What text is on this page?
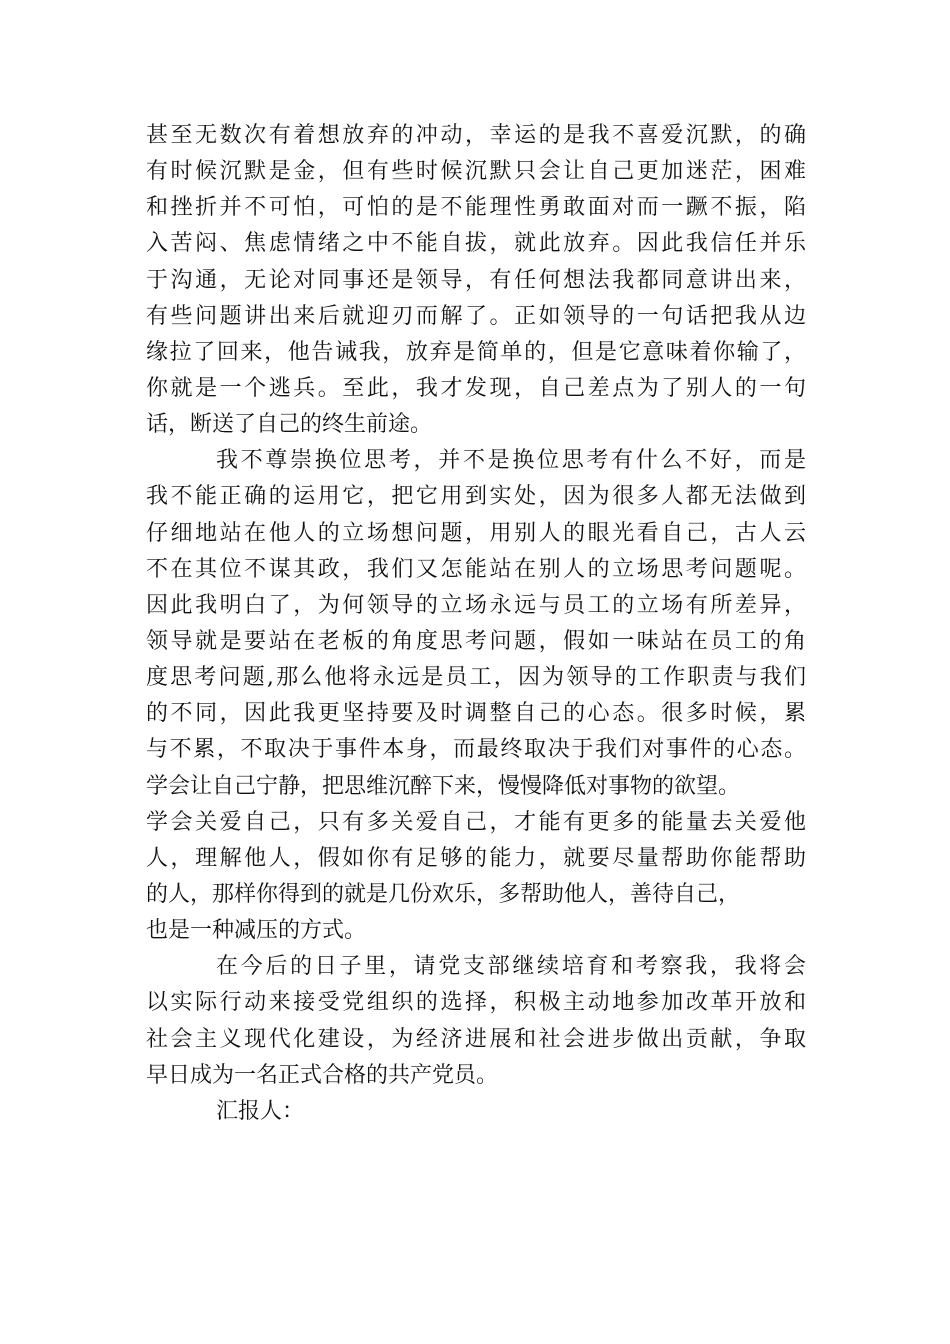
甚至无数次有着想放弃的冲动，幸运的是我不喜爱沉默，的确
有时候沉默是金，但有些时候沉默只会让自己更加迷茫，困难
和挫折并不可怕，可怕的是不能理性勇敢面对而一蹶不振，陷
入苦闷、焦虑情绪之中不能自拔，就此放弃。因此我信任并乐
于沟通，无论对同事还是领导，有任何想法我都同意讲出来，
有些问题讲出来后就迎刃而解了。正如领导的一句话把我从边
缘拉了回来，他告诫我，放弃是简单的，但是它意味着你输了，
你就是一个逃兵。至此，我才发现，自己差点为了别人的一句
话，断送了自己的终生前途。
我不尊崇换位思考，并不是换位思考有什么不好，而是
我不能正确的运用它，把它用到实处，因为很多人都无法做到
仔细地站在他人的立场想问题，用别人的眼光看自己，古人云
不在其位不谋其政，我们又怎能站在别人的立场思考问题呢。
因此我明白了，为何领导的立场永远与员工的立场有所差异，
领导就是要站在老板的角度思考问题，假如一味站在员工的角
度思考问题,那么他将永远是员工，因为领导的工作职责与我们
的不同，因此我更坚持要及时调整自己的心态。很多时候，累
与不累，不取决于事件本身，而最终取决于我们对事件的心态。
学会让自己宁静，把思维沉醉下来，慢慢降低对事物的欲望。
学会关爱自己，只有多关爱自己，才能有更多的能量去关爱他
人，理解他人，假如你有足够的能力，就要尽量帮助你能帮助
的人，那样你得到的就是几份欢乐，多帮助他人，善待自己，
也是一种减压的方式。
在今后的日子里，请党支部继续培育和考察我，我将会
以实际行动来接受党组织的选择，积极主动地参加改革开放和
社会主义现代化建设，为经济进展和社会进步做出贡献，争取
早日成为一名正式合格的共产党员。
汇报人：
